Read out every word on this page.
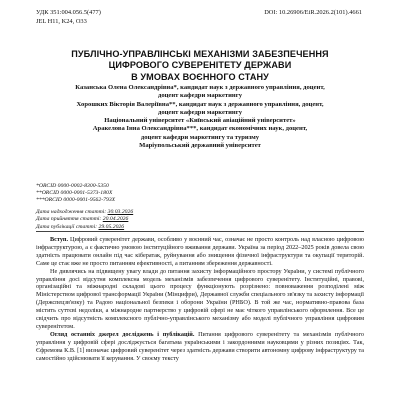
УДК 351:004.056.5(477)	DOI: 10.26906/EiR.2026.2(101).4661
JEL H11, K24, O33
ПУБЛІЧНО-УПРАВЛІНСЬКІ МЕХАНІЗМИ ЗАБЕЗПЕЧЕННЯ
ЦИФРОВОГО СУВЕРЕНІТЕТУ ДЕРЖАВИ
В УМОВАХ ВОЄННОГО СТАНУ
Казанська Олена Олександрівна*, кандидат наук з державного управління, доцент,
доцент кафедри маркетингу
Хорошких Вікторія Валеріївна**, кандидат наук з державного управління, доцент,
доцент кафедри маркетингу
Національний університет «Київський авіаційний університет»
Аракелова Інна Олександрівна***, кандидат економічних наук, доцент,
доцент кафедри маркетингу та туризму
Маріупольський державний університет
*ORCID 0000-0002-8300-5350
**ORCID 0000-0001-5373-180X
***ORCID 0000-0001-9562-793X
Дата надходження статті: 30.03.2026
Дата прийняття статті: 20.04.2026
Дата публікації статті: 29.05.2026

Вступ. Цифровий суверенітет держави, особливо у воєнний час, означає не просто контроль над власною цифровою інфраструктурою, а є фактично умовою інституційного вживання держави. Україна за період 2022–2025 років довела свою здатність працювати онлайн під час кібератак, руйнування або знищення фізичної інфраструктури та окупації територій. Саме це стає вже не просто питанням ефективності, а питанням збереження державності.

Не дивлячись на підвищену увагу влади до питання захисту інформаційного простору України, у системі публічного управління досі відсутня комплексна модель механізмів забезпечення цифрового суверенітету. Інституційні, правові, організаційні та міжнародні складові цього процесу функціонують розрізнено: повноваження розподілені між Міністерством цифрової трансформації України (Мінцифри), Державної служби спеціального зв'язку та захисту інформації (Держспецзв'язку) та Радою національної безпеки і оборони України (РНБО). В той же час, нормативно-правова база містить суттєві недоліки, а міжнародне партнерство у цифровій сфері не має чіткого управлінського оформлення. Все це свідчить про відсутність комплексного публічно-управлінського механізму або моделі публічного управління цифровим суверенітетом.

Огляд останніх джерел досліджень і публікацій. Питання цифрового суверенітету та механізмів публічного управління у цифровій сфері досліджується багатьма українськими і закордонними науковцями у різних позиціях. Так, Єфремова К.В. [1] визначає цифровий суверенітет через здатність держави створити автономну цифрову інфраструктуру та самостійно здійснювати її керування. У своєму тексту
